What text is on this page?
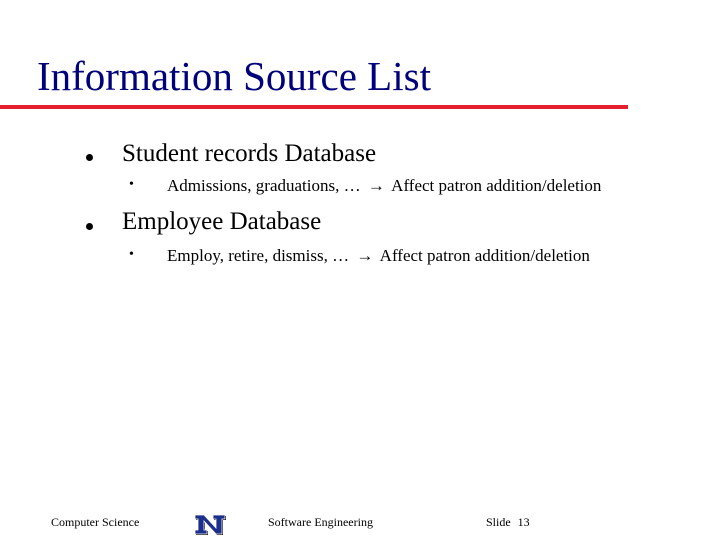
Information Source List
Student records Database
• Admissions, graduations, … → Affect patron addition/deletion
Employee Database
• Employ, retire, dismiss, … → Affect patron addition/deletion
Computer Science	Software Engineering	Slide 13
